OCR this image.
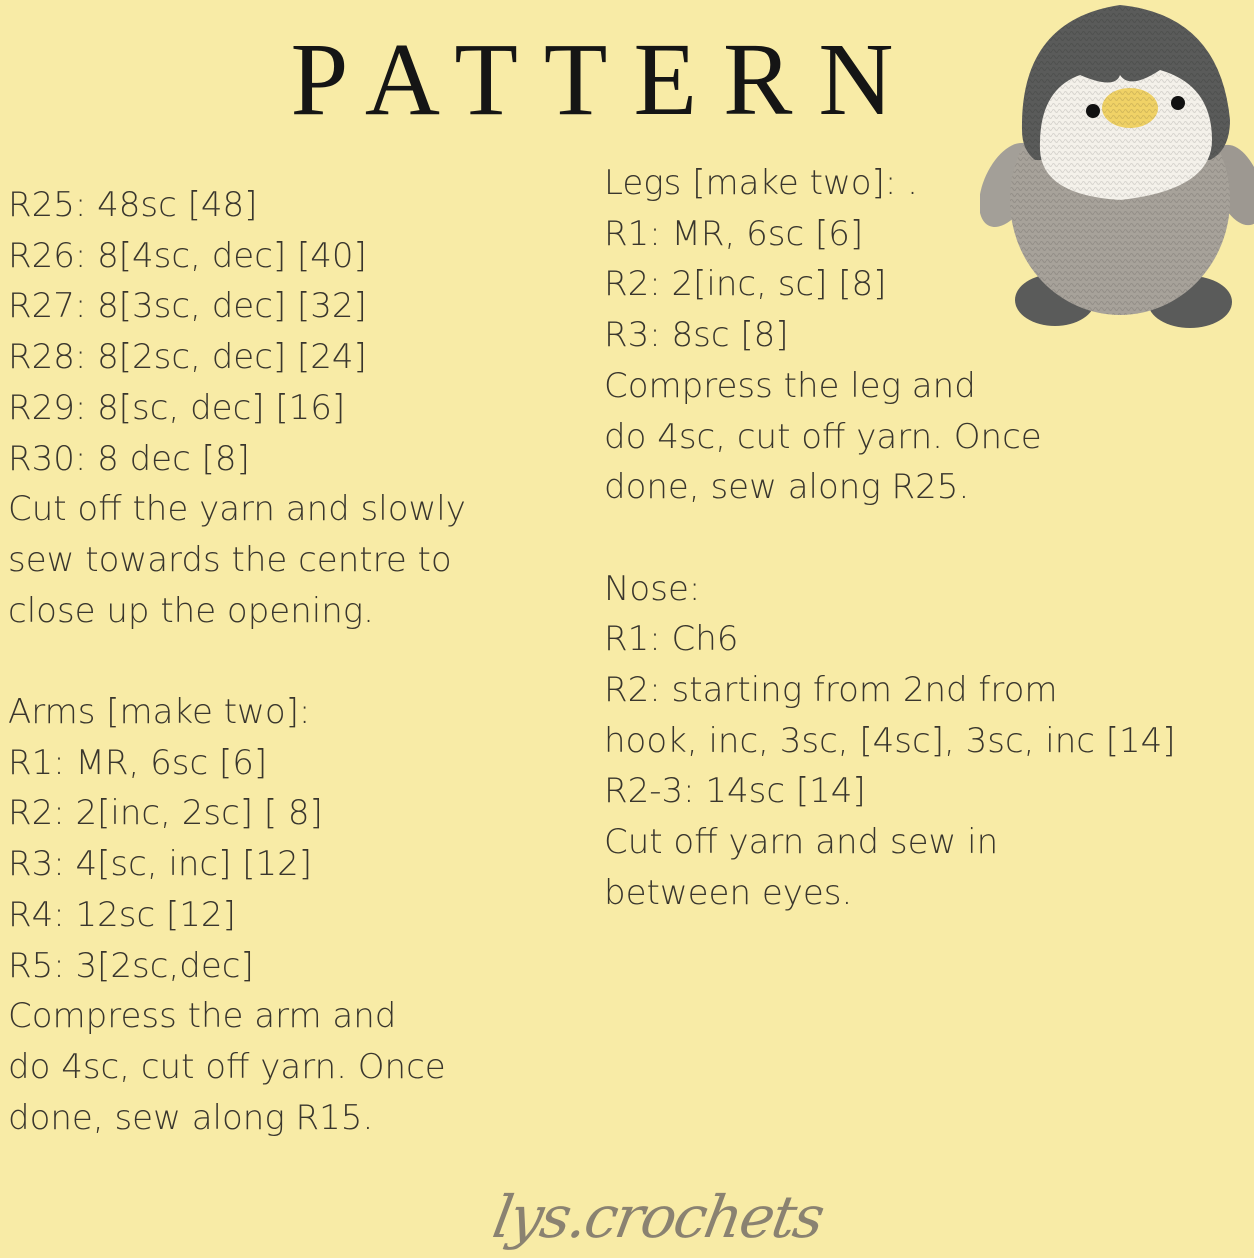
PATTERN
R25: 48sc [48]
R26: 8[4sc, dec] [40]
R27: 8[3sc, dec] [32]
R28: 8[2sc, dec] [24]
R29: 8[sc, dec] [16]
R30: 8 dec [8]
Cut off the yarn and slowly
sew towards the centre to
close up the opening.
Arms [make two]:
R1: MR, 6sc [6]
R2: 2[inc, 2sc] [ 8]
R3: 4[sc, inc] [12]
R4: 12sc [12]
R5: 3[2sc,dec]
Compress the arm and
do 4sc, cut off yarn. Once
done, sew along R15.
Legs [make two]: .
R1: MR, 6sc [6]
R2: 2[inc, sc] [8]
R3: 8sc [8]
Compress the leg and
do 4sc, cut off yarn. Once
done, sew along R25.
Nose:
R1: Ch6
R2: starting from 2nd from
hook, inc, 3sc, [4sc], 3sc, inc [14]
R2-3: 14sc [14]
Cut off yarn and sew in
between eyes.
lys.crochets
